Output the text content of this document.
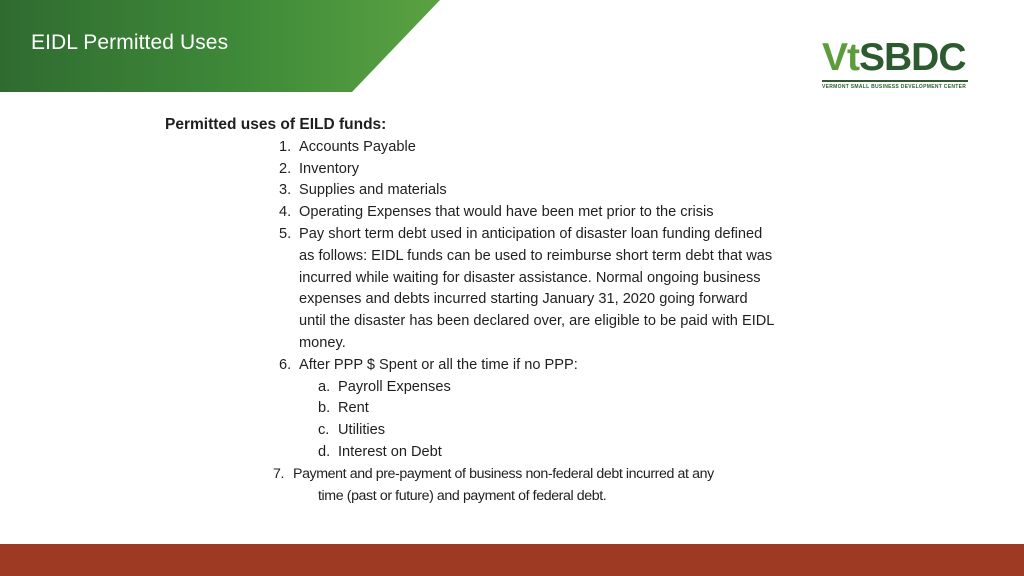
EIDL Permitted Uses	Vt SBDC
VERMONT SMALL BUSINESS DEVELOPMENT CENTER
Permitted uses of EILD funds:
1. Accounts Payable
2. Inventory
3. Supplies and materials
4. Operating Expenses that would have been met prior to the crisis
5. Pay short term debt used in anticipation of disaster loan funding defined as follows: EIDL funds can be used to reimburse short term debt that was incurred while waiting for disaster assistance. Normal ongoing business expenses and debts incurred starting January 31, 2020 going forward until the disaster has been declared over, are eligible to be paid with EIDL money.
6. After PPP $ Spent or all the time if no PPP:
a. Payroll Expenses
b. Rent
c. Utilities
d. Interest on Debt
7. Payment and pre-payment of business non-federal debt incurred at any
time (past or future) and payment of federal debt.
